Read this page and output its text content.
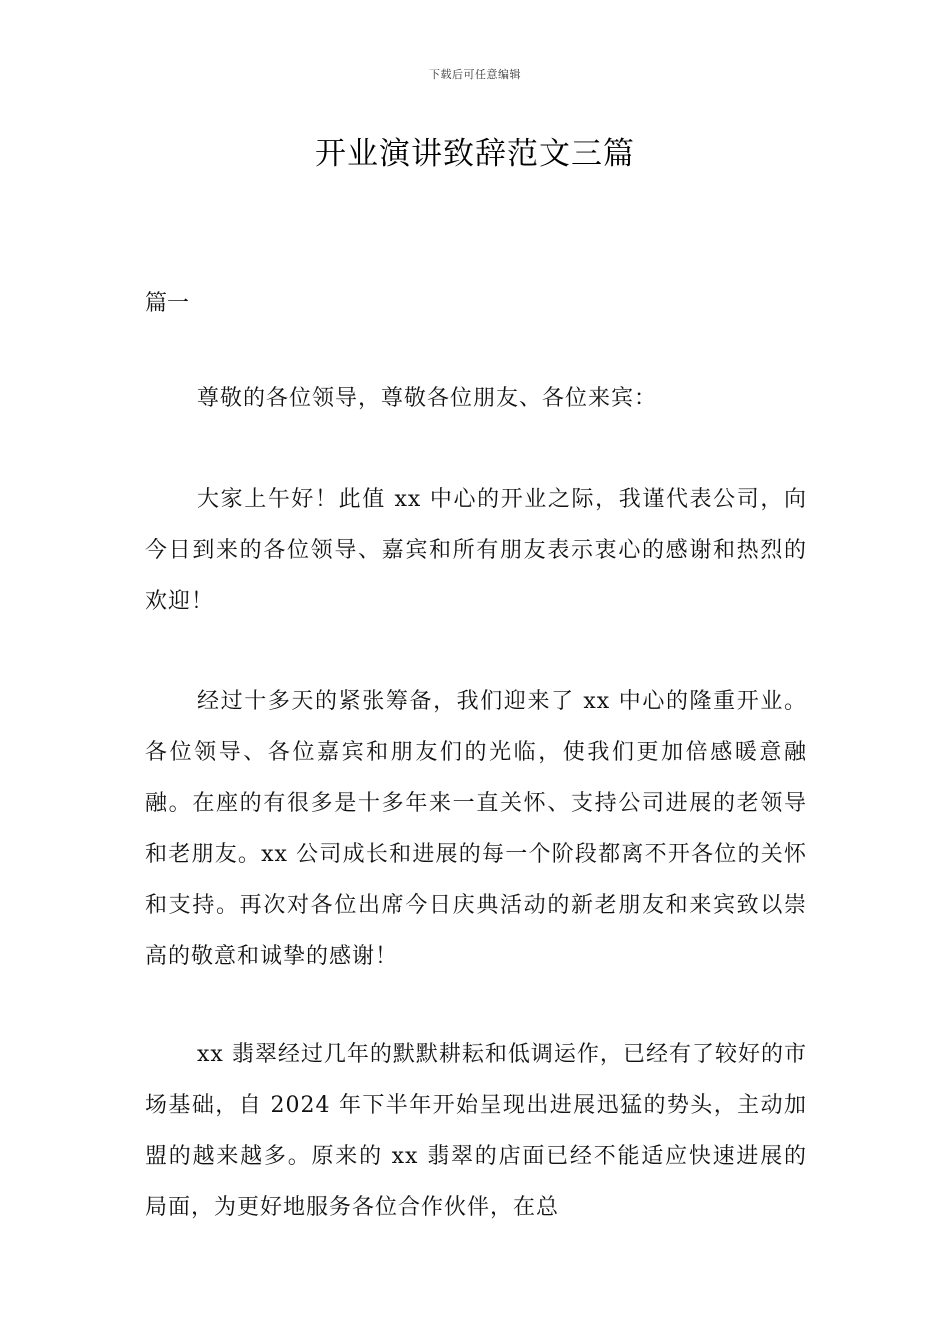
下载后可任意编辑
开业演讲致辞范文三篇
篇一

尊敬的各位领导，尊敬各位朋友、各位来宾：

大家上午好！此值 xx 中心的开业之际，我谨代表公司，向今日到来的各位领导、嘉宾和所有朋友表示衷心的感谢和热烈的欢迎！

经过十多天的紧张筹备，我们迎来了 xx 中心的隆重开业。各位领导、各位嘉宾和朋友们的光临，使我们更加倍感暖意融融。在座的有很多是十多年来一直关怀、支持公司进展的老领导和老朋友。xx 公司成长和进展的每一个阶段都离不开各位的关怀和支持。再次对各位出席今日庆典活动的新老朋友和来宾致以崇高的敬意和诚挚的感谢！

xx 翡翠经过几年的默默耕耘和低调运作，已经有了较好的市场基础，自 2024 年下半年开始呈现出进展迅猛的势头，主动加盟的越来越多。原来的 xx 翡翠的店面已经不能适应快速进展的局面，为更好地服务各位合作伙伴，在总
